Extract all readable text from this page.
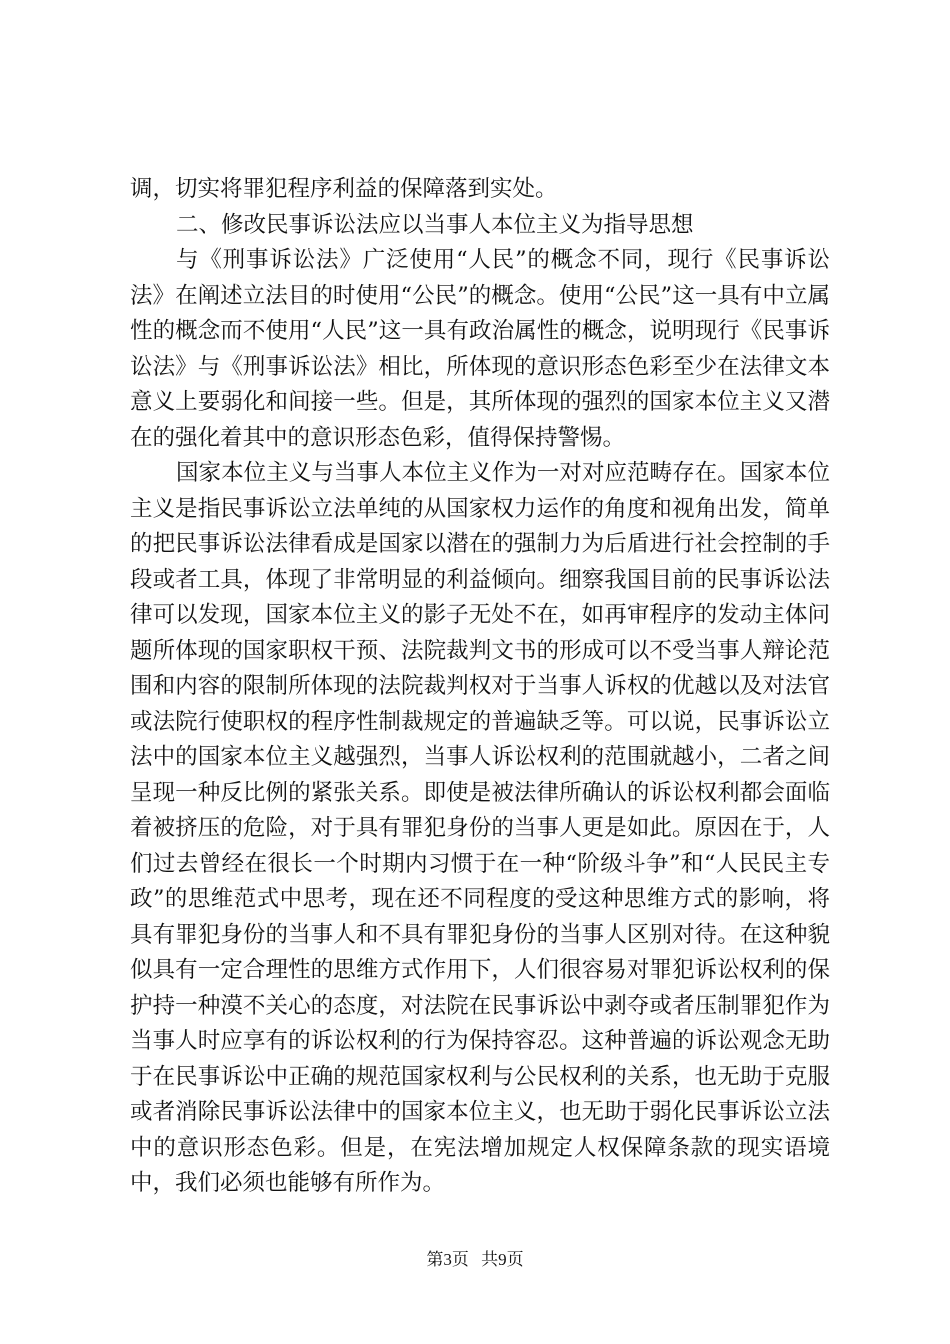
调，切实将罪犯程序利益的保障落到实处。

二、修改民事诉讼法应以当事人本位主义为指导思想

与《刑事诉讼法》广泛使用“人民”的概念不同，现行《民事诉讼法》在阐述立法目的时使用“公民”的概念。使用“公民”这一具有中立属性的概念而不使用“人民”这一具有政治属性的概念，说明现行《民事诉讼法》与《刑事诉讼法》相比，所体现的意识形态色彩至少在法律文本意义上要弱化和间接一些。但是，其所体现的强烈的国家本位主义又潜在的强化着其中的意识形态色彩，值得保持警惕。

国家本位主义与当事人本位主义作为一对对应范畴存在。国家本位主义是指民事诉讼立法单纯的从国家权力运作的角度和视角出发，简单的把民事诉讼法律看成是国家以潜在的强制力为后盾进行社会控制的手段或者工具，体现了非常明显的利益倾向。细察我国目前的民事诉讼法律可以发现，国家本位主义的影子无处不在，如再审程序的发动主体问题所体现的国家职权干预、法院裁判文书的形成可以不受当事人辩论范围和内容的限制所体现的法院裁判权对于当事人诉权的优越以及对法官或法院行使职权的程序性制裁规定的普遍缺乏等。可以说，民事诉讼立法中的国家本位主义越强烈，当事人诉讼权利的范围就越小，二者之间呈现一种反比例的紧张关系。即使是被法律所确认的诉讼权利都会面临着被挤压的危险，对于具有罪犯身份的当事人更是如此。原因在于，人们过去曾经在很长一个时期内习惯于在一种“阶级斗争”和“人民民主专政”的思维范式中思考，现在还不同程度的受这种思维方式的影响，将具有罪犯身份的当事人和不具有罪犯身份的当事人区别对待。在这种貌似具有一定合理性的思维方式作用下，人们很容易对罪犯诉讼权利的保护持一种漠不关心的态度，对法院在民事诉讼中剥夺或者压制罪犯作为当事人时应享有的诉讼权利的行为保持容忍。这种普遍的诉讼观念无助于在民事诉讼中正确的规范国家权利与公民权利的关系，也无助于克服或者消除民事诉讼法律中的国家本位主义，也无助于弱化民事诉讼立法中的意识形态色彩。但是，在宪法增加规定人权保障条款的现实语境中，我们必须也能够有所作为。

第3页 共9页
